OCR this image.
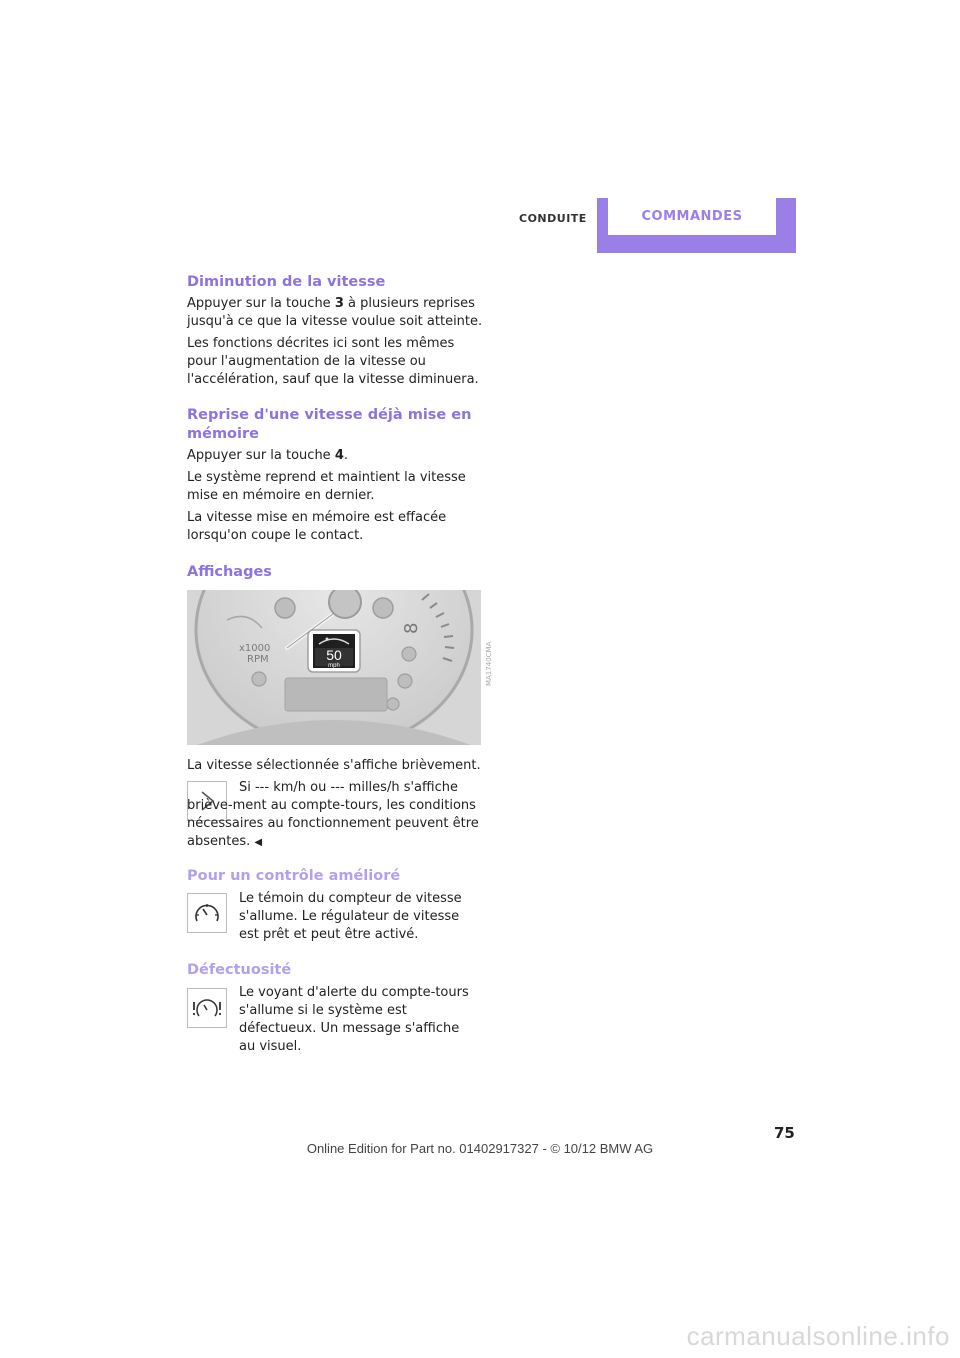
CONDUITE	COMMANDES
Diminution de la vitesse

Appuyer sur la touche 3 à plusieurs reprises jusqu'à ce que la vitesse voulue soit atteinte.

Les fonctions décrites ici sont les mêmes pour l'augmentation de la vitesse ou l'accélération, sauf que la vitesse diminuera.

Reprise d'une vitesse déjà mise en mémoire

Appuyer sur la touche 4.

Le système reprend et maintient la vitesse mise en mémoire en dernier.

La vitesse mise en mémoire est effacée lorsqu'on coupe le contact.

Affichages
50
mph
x1000
RPM
8
MA1740CMA

La vitesse sélectionnée s'affiche brièvement.

Si --- km/h ou --- milles/h s'affiche briève-ment au compte-tours, les conditions nécessaires au fonctionnement peuvent être absentes. ◀

Pour un contrôle amélioré

Le témoin du compteur de vitesse s'allume. Le régulateur de vitesse est prêt et peut être activé.

Défectuosité

Le voyant d'alerte du compte-tours s'allume si le système est défectueux. Un message s'affiche au visuel.

75
Online Edition for Part no. 01402917327 - © 10/12 BMW AG
carmanualsonline.info
